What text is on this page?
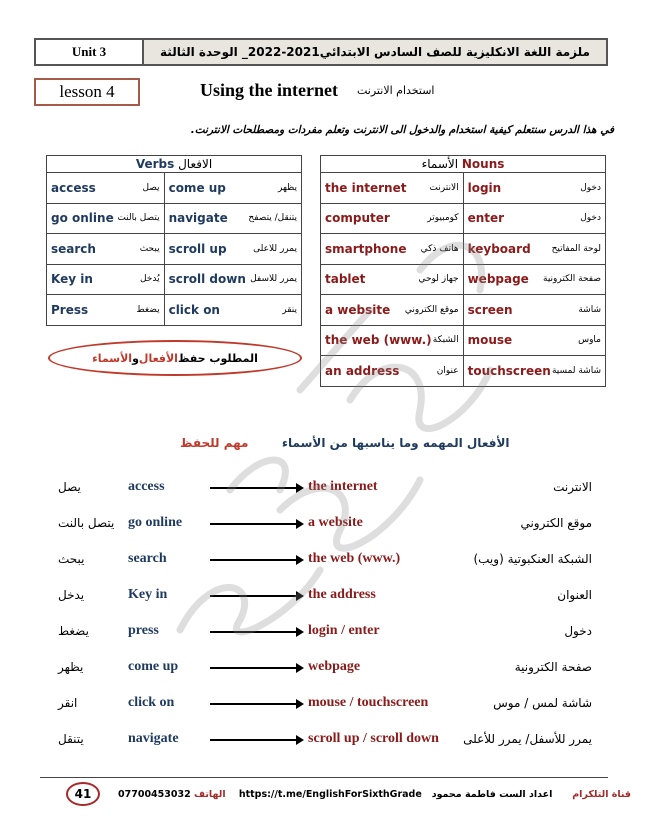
Unit 3	ملزمة اللغة الانكليزية للصف السادس الابتدائي2021-2022_ الوحدة الثالثة
lesson 4	Using the internet استخدام الانترنت
في هذا الدرس سنتعلم كيفية استخدام والدخول الى الانترنت وتعلم مفردات ومصطلحات الانترنت.
Verbs الافعال	

access يصل	come up يظهر

go online يتصل بالنت	navigate يتنقل/ يتصفح

search يبحث	scroll up يمرر للاعلى

Key in يُدخل	scroll down يمرر للاسفل

Press يضغط	click on ينقر
الأسماء Nouns	

the internet الانترنت	login دخول

computer كومبيوتر	enter دخول

smartphone هاتف ذكي	keyboard لوحة المفاتيح

tablet جهاز لوحي	webpage صفحة الكترونية

a website موقع الكتروني	screen شاشة

the web (www.) الشبكة	mouse ماوس

an address عنوان	touchscreen شاشة لمسية
المطلوب حفظ
الأفعال
و
الأسماء
الأفعال المهمه وما يناسبها من الأسماء        مهم للحفظ
يصل	access	the internet	الانترنت
يتصل بالنت go online	a website	موقع الكتروني
يبحث	search	the web (www.)	الشبكة العنكبوتية (ويب)
يدخل	Key in	the address	العنوان
يضغط	press	login / enter	دخول
يظهر	come up	webpage	صفحة الكترونية
انقر	click on	mouse / touchscreen	شاشة لمس / موس
يتنقل	navigate	scroll up / scroll down يمرر للأسفل/ يمرر للأعلى
41	07700453032 الهاتف https://t.me/EnglishForSixthGrade	قناة التلكرام      اعداد الست فاطمة محمود
